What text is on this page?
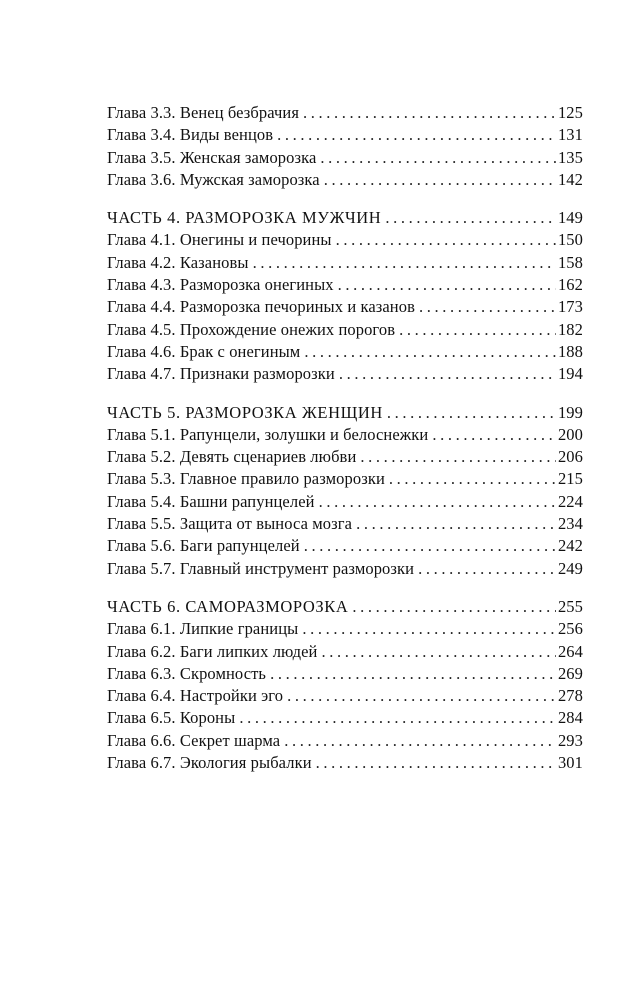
Глава 3.3. Венец безбрачия . . .	125
Глава 3.4. Виды венцов . . .	131
Глава 3.5. Женская заморозка . . .	135
Глава 3.6. Мужская заморозка . . .	142
ЧАСТЬ 4. РАЗМОРОЗКА МУЖЧИН . . .	149
Глава 4.1. Онегины и печорины . . .	150
Глава 4.2. Казановы . . .	158
Глава 4.3. Разморозка онегиных . . .	162
Глава 4.4. Разморозка печориных и казанов . . .	173
Глава 4.5. Прохождение онежих порогов . . .	182
Глава 4.6. Брак с онегиным . . .	188
Глава 4.7. Признаки разморозки . . .	194
ЧАСТЬ 5. РАЗМОРОЗКА ЖЕНЩИН . . .	199
Глава 5.1. Рапунцели, золушки и белоснежки . . .	200
Глава 5.2. Девять сценариев любви . . .	206
Глава 5.3. Главное правило разморозки . . .	215
Глава 5.4. Башни рапунцелей . . .	224
Глава 5.5. Защита от выноса мозга . . .	234
Глава 5.6. Баги рапунцелей . . .	242
Глава 5.7. Главный инструмент разморозки . . .	249
ЧАСТЬ 6. САМОРАЗМОРОЗКА . . .	255
Глава 6.1. Липкие границы . . .	256
Глава 6.2. Баги липких людей . . .	264
Глава 6.3. Скромность . . .	269
Глава 6.4. Настройки эго . . .	278
Глава 6.5. Короны . . .	284
Глава 6.6. Секрет шарма . . .	293
Глава 6.7. Экология рыбалки . . .	301
